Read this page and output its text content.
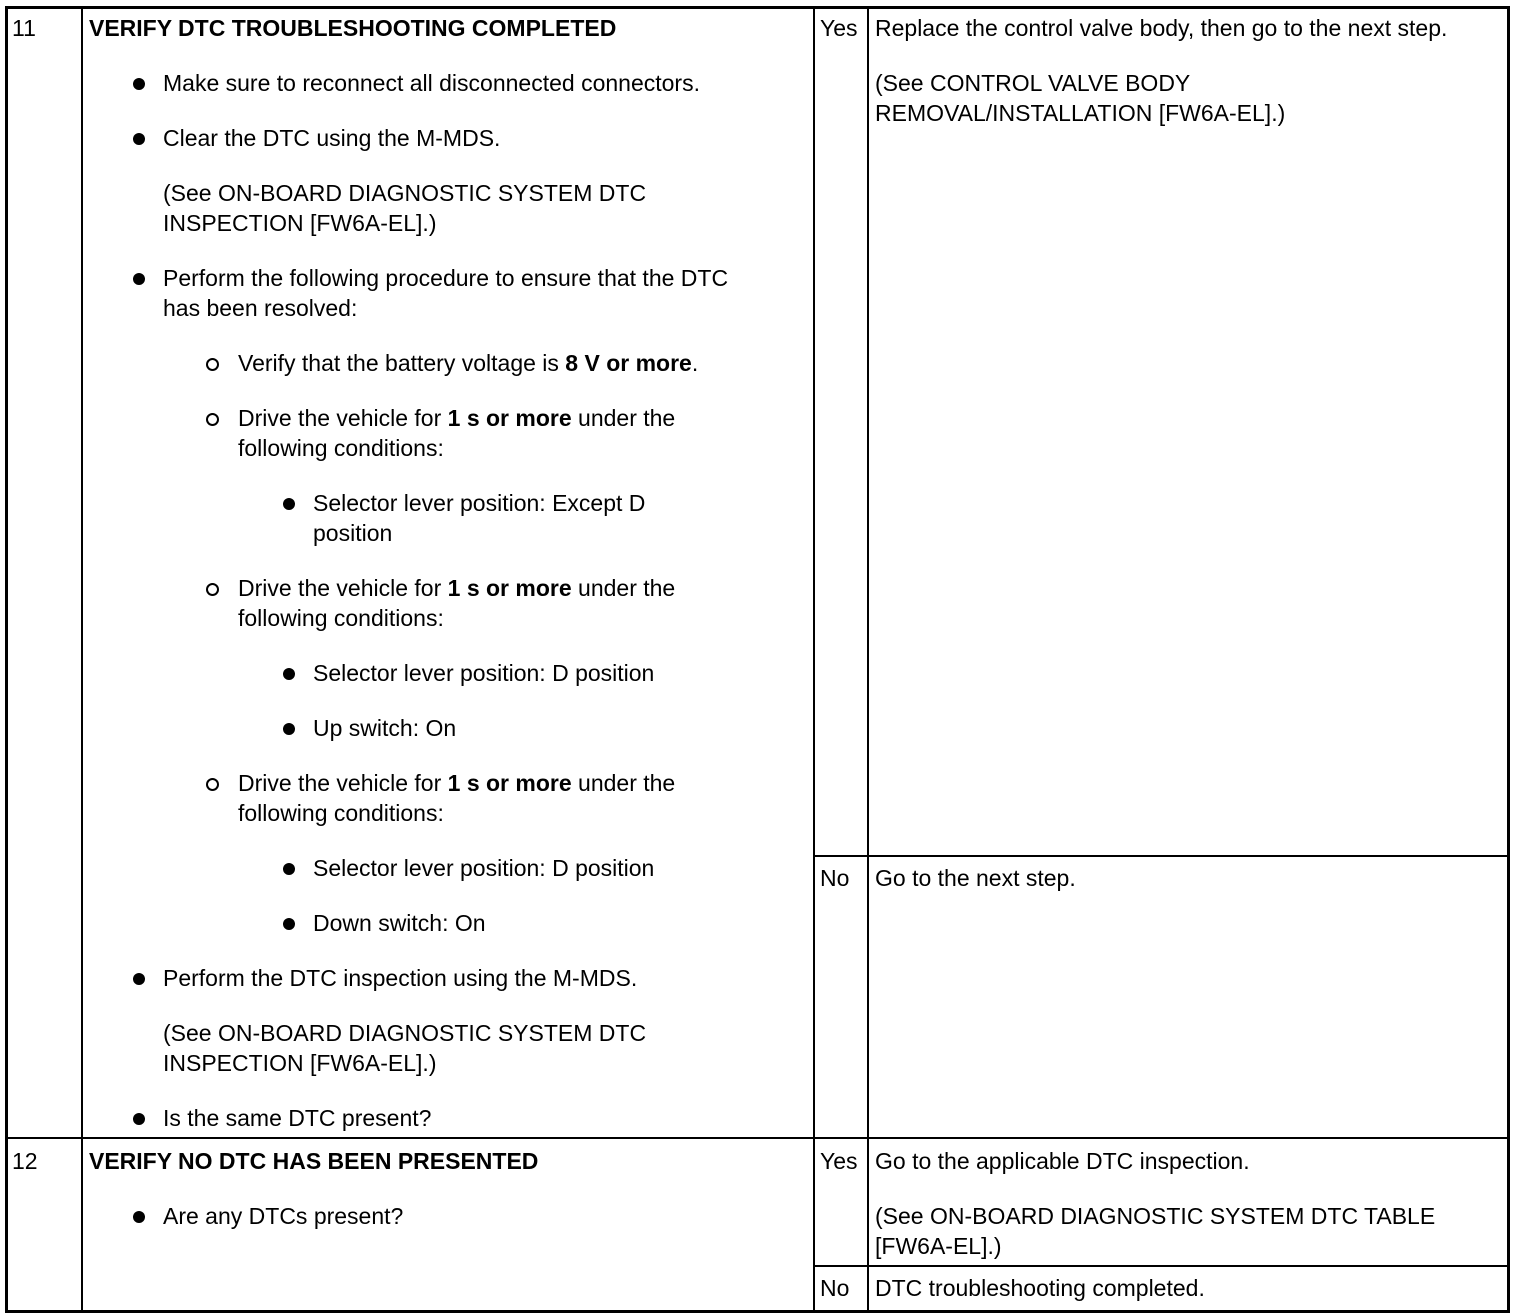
11 VERIFY DTC TROUBLESHOOTING COMPLETED
Make sure to reconnect all disconnected connectors.
Clear the DTC using the M-MDS.
(See ON-BOARD DIAGNOSTIC SYSTEM DTC
INSPECTION [FW6A-EL].)
Perform the following procedure to ensure that the DTC
has been resolved:
Verify that the battery voltage is 8 V or more.
Drive the vehicle for 1 s or more under the
following conditions:
Selector lever position: Except D
position
Drive the vehicle for 1 s or more under the
following conditions:
Selector lever position: D position
Up switch: On
Drive the vehicle for 1 s or more under the
following conditions:
Selector lever position: D position
Down switch: On
Perform the DTC inspection using the M-MDS.
(See ON-BOARD DIAGNOSTIC SYSTEM DTC
INSPECTION [FW6A-EL].)
Is the same DTC present?
Yes Replace the control valve body, then go to the next step.
(See CONTROL VALVE BODY
REMOVAL/INSTALLATION [FW6A-EL].)
No Go to the next step.
12 VERIFY NO DTC HAS BEEN PRESENTED
Are any DTCs present?
Yes Go to the applicable DTC inspection.
(See ON-BOARD DIAGNOSTIC SYSTEM DTC TABLE
[FW6A-EL].)
No DTC troubleshooting completed.
